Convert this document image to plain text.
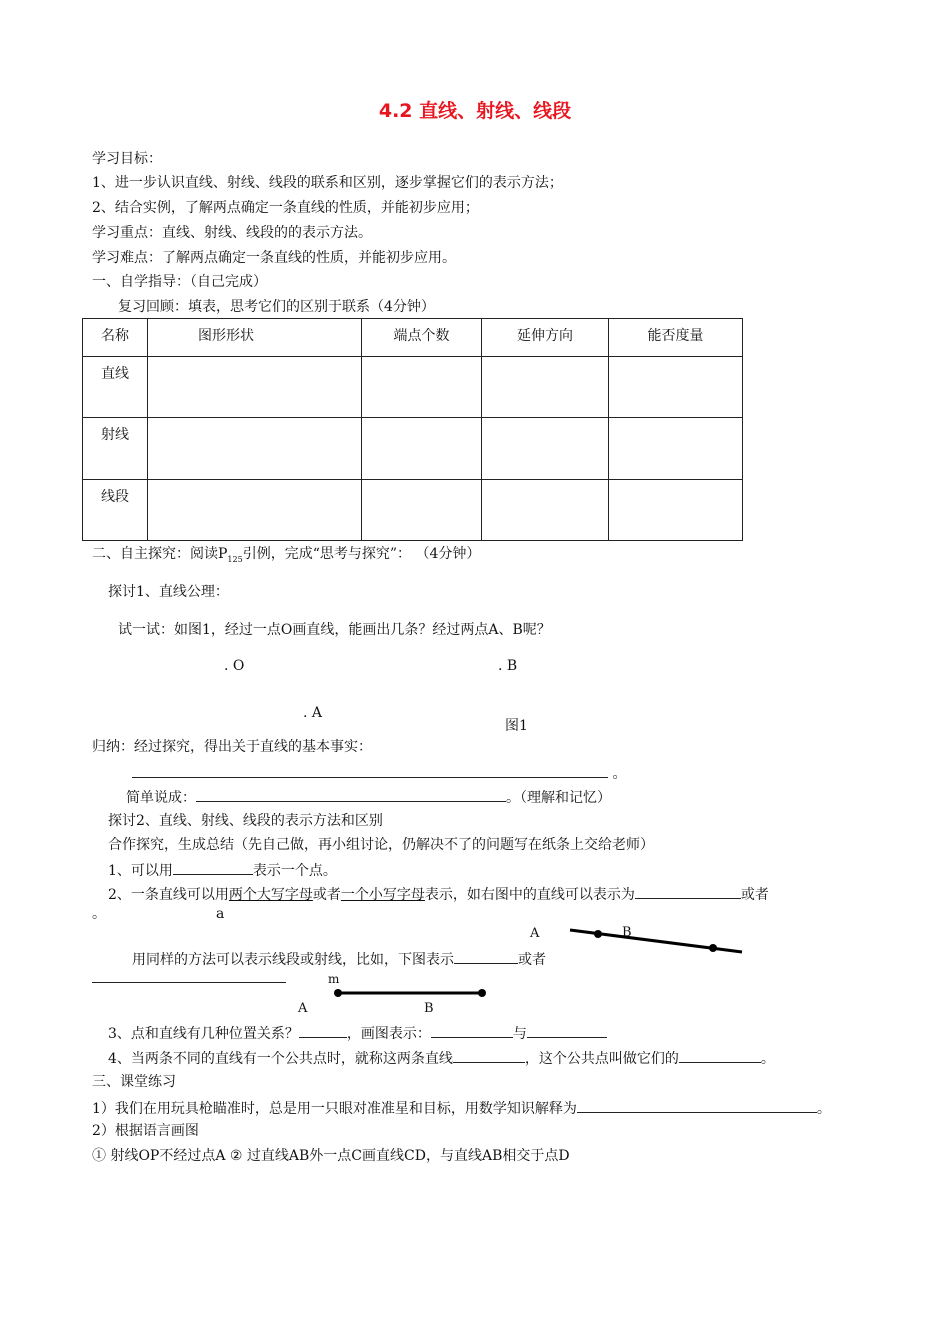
4.2 直线、射线、线段
学习目标：
1、进一步认识直线、射线、线段的联系和区别，逐步掌握它们的表示方法；
2、结合实例，了解两点确定一条直线的性质，并能初步应用；
学习重点：直线、射线、线段的的表示方法。
学习难点：了解两点确定一条直线的性质，并能初步应用。
一、自学指导：（自己完成）
复习回顾：填表，思考它们的区别于联系（4分钟）
名称	图形形状	端点个数	延伸方向	能否度量

直线				

射线				

线段				

二、自主探究：阅读$P_{125}$引例，完成“思考与探究”： （4分钟）
探讨1、直线公理：
试一试：如图1，经过一点O画直线，能画出几条？经过两点A、B呢？
. O	. B
. A
图1
归纳：经过探究，得出关于直线的基本事实：
。
简单说成：	。（理解和记忆）
探讨2、直线、射线、线段的表示方法和区别
合作探究，生成总结（先自己做，再小组讨论，仍解决不了的问题写在纸条上交给老师）
1、可以用	表示一个点。
2、一条直线可以用两个大写字母或者一个小写字母表示，如右图中的直线可以表示为	或者
。	a
A	B
用同样的方法可以表示线段或射线，比如，下图表示	或者
m
A	B
3、点和直线有几种位置关系？	，画图表示：	与
4、当两条不同的直线有一个公共点时，就称这两条直线	，这个公共点叫做它们的	。
三、课堂练习
1）我们在用玩具枪瞄准时，总是用一只眼对准准星和目标，用数学知识解释为	。
2）根据语言画图
① 射线OP不经过点A ② 过直线AB外一点C画直线CD，与直线AB相交于点D
